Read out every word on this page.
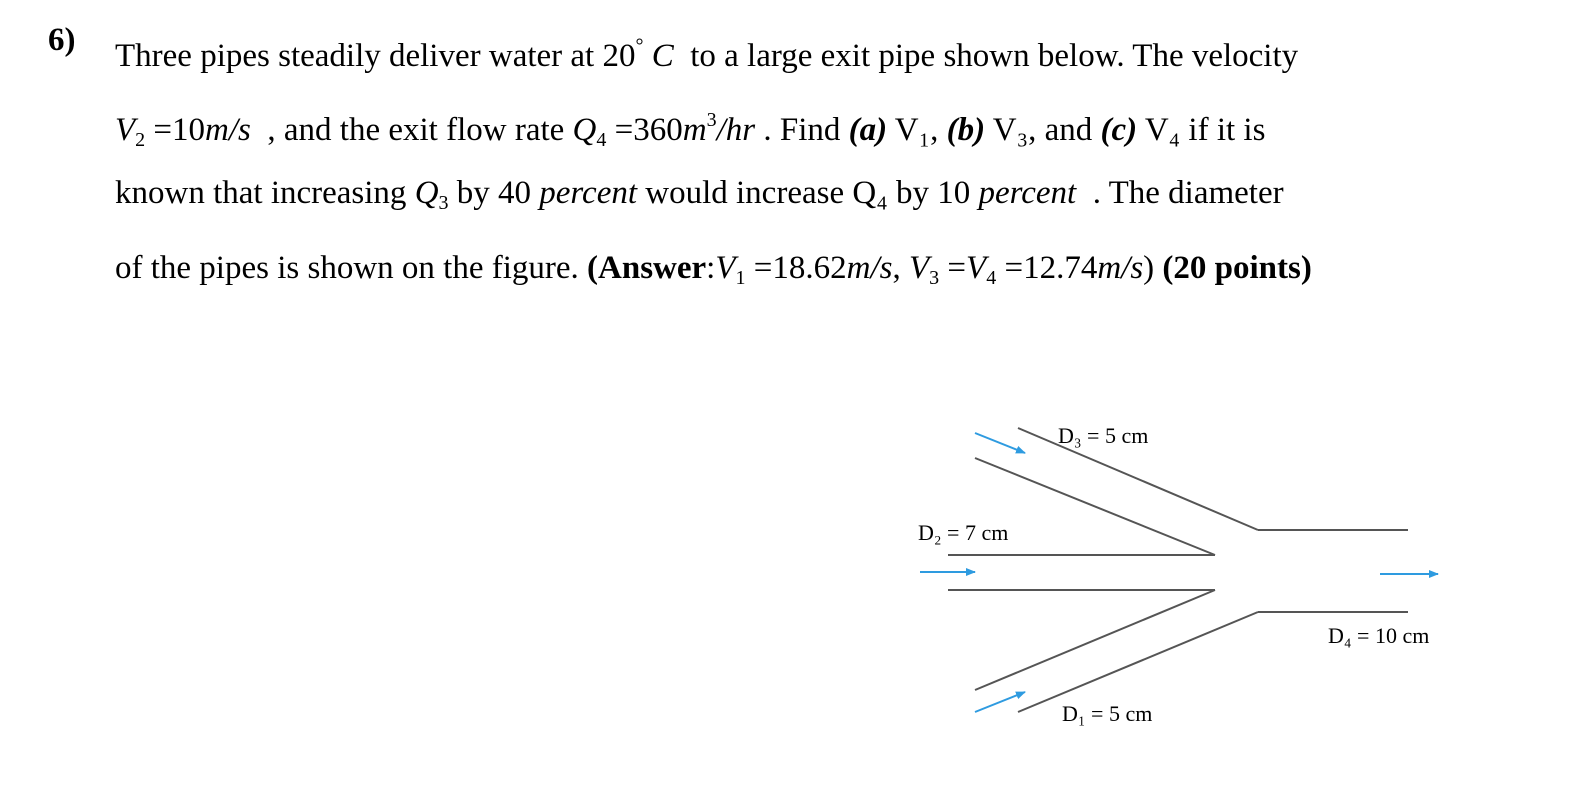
6) Three pipes steadily deliver water at 20° C to a large exit pipe shown below. The velocity
$V_2 =10m/s$ , and the exit flow rate $Q_4 =360m^3/hr$ . Find (a) V₁, (b) V₃, and (c) V₄ if it is
known that increasing $Q_3$ by 40 percent would increase Q₄ by 10 percent . The diameter
of the pipes is shown on the figure. ($Answer:V_1 =18.62m/s$, $V_3 =V_4 =12.74m/s$) (20 points)
D₃ = 5 cm
D₂ = 7 cm
D₄ = 10 cm
D₁ = 5 cm
